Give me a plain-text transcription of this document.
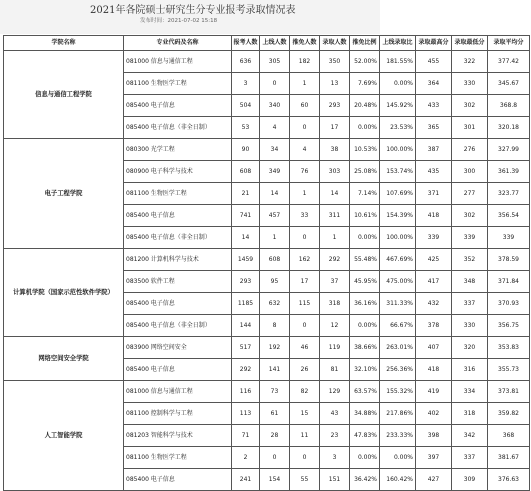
2021年各院硕士研究生分专业报考录取情况表
发布时间：2021-07-02 15:18
学院名称	专业代码及名称	报考人数	上线人数	推免人数	录取人数	推免比例	上线录取比	录取最高分	录取最低分	录取平均分
信息与通信工程学院	081000 信息与通信工程	636	305	182	350	52.00%	181.55%	455	322	377.42
	081100 生物医学工程	3	0	1	13	7.69%	0.00%	364	330	345.67
	085400 电子信息	504	340	60	293	20.48%	145.92%	433	302	368.8
	085400 电子信息（非全日制）	53	4	0	17	0.00%	23.53%	365	301	320.18
电子工程学院	080300 光学工程	90	34	4	38	10.53%	100.00%	387	276	327.99
	080900 电子科学与技术	608	349	76	303	25.08%	153.74%	435	300	361.39
	081100 生物医学工程	21	14	1	14	7.14%	107.69%	371	277	323.77
	085400 电子信息	741	457	33	311	10.61%	154.39%	418	302	356.54
	085400 电子信息（非全日制）	14	1	0	1	0.00%	100.00%	339	339	339
计算机学院（国家示范性软件学院）	081200 计算机科学与技术	1459	608	162	292	55.48%	467.69%	425	352	378.59
	083500 软件工程	293	95	17	37	45.95%	475.00%	417	348	371.84
	085400 电子信息	1185	632	115	318	36.16%	311.33%	432	337	370.93
	085400 电子信息（非全日制）	144	8	0	12	0.00%	66.67%	378	330	356.75
网络空间安全学院	083900 网络空间安全	517	192	46	119	38.66%	263.01%	407	320	353.83
	085400 电子信息	292	141	26	81	32.10%	256.36%	418	316	355.73
人工智能学院	081000 信息与通信工程	116	73	82	129	63.57%	155.32%	419	334	373.81
	081100 控制科学与工程	113	61	15	43	34.88%	217.86%	402	318	359.82
	081203 智能科学与技术	71	28	11	23	47.83%	233.33%	398	342	368
	081100 生物医学工程	2	0	0	3	0.00%	0.00%	397	337	381.67
	085400 电子信息	241	154	55	151	36.42%	160.42%	427	309	376.63
